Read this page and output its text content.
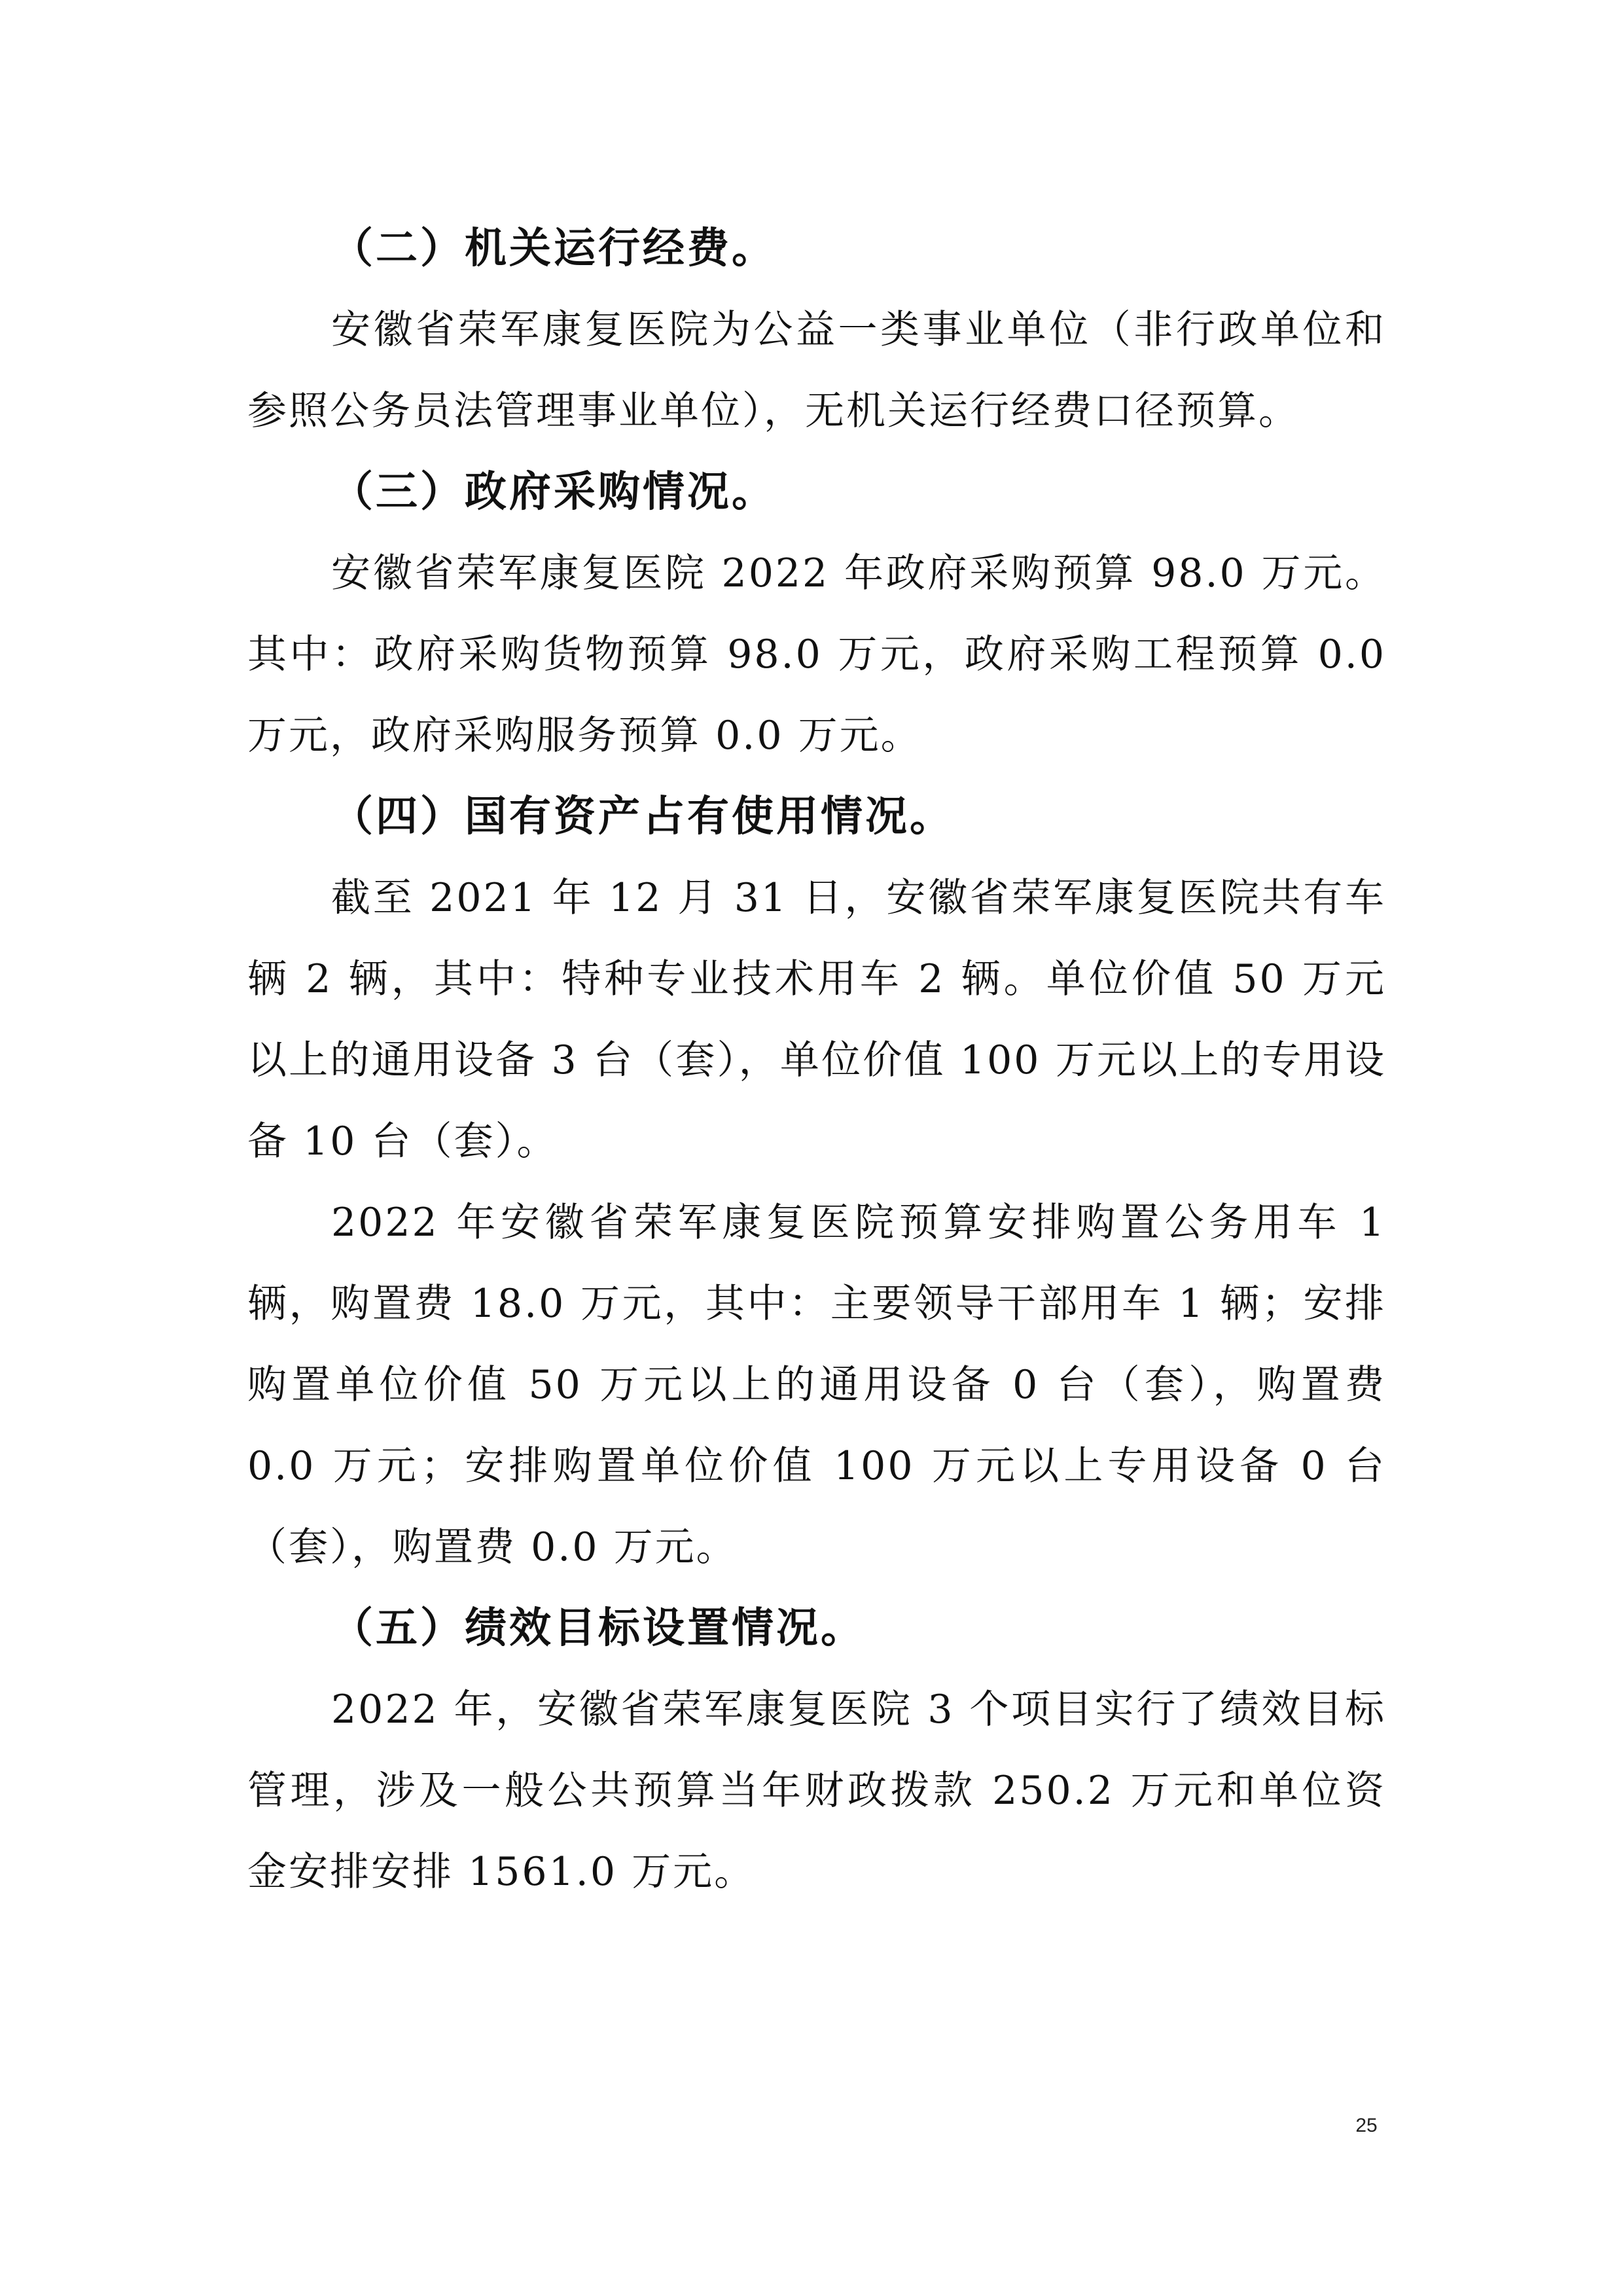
（二）机关运行经费。

安徽省荣军康复医院为公益一类事业单位（非行政单位和参照公务员法管理事业单位），无机关运行经费口径预算。

（三）政府采购情况。

安徽省荣军康复医院 2022 年政府采购预算 98.0 万元。其中：政府采购货物预算 98.0 万元，政府采购工程预算 0.0 万元，政府采购服务预算 0.0 万元。

（四）国有资产占有使用情况。

截至 2021 年 12 月 31 日，安徽省荣军康复医院共有车辆 2 辆，其中：特种专业技术用车 2 辆。单位价值 50 万元以上的通用设备 3 台（套），单位价值 100 万元以上的专用设备 10 台（套）。

2022 年安徽省荣军康复医院预算安排购置公务用车 1 辆，购置费 18.0 万元，其中：主要领导干部用车 1 辆；安排购置单位价值 50 万元以上的通用设备 0 台（套），购置费 0.0 万元；安排购置单位价值 100 万元以上专用设备 0 台（套），购置费 0.0 万元。

（五）绩效目标设置情况。

2022 年，安徽省荣军康复医院 3 个项目实行了绩效目标管理，涉及一般公共预算当年财政拨款 250.2 万元和单位资金安排安排 1561.0 万元。

25
